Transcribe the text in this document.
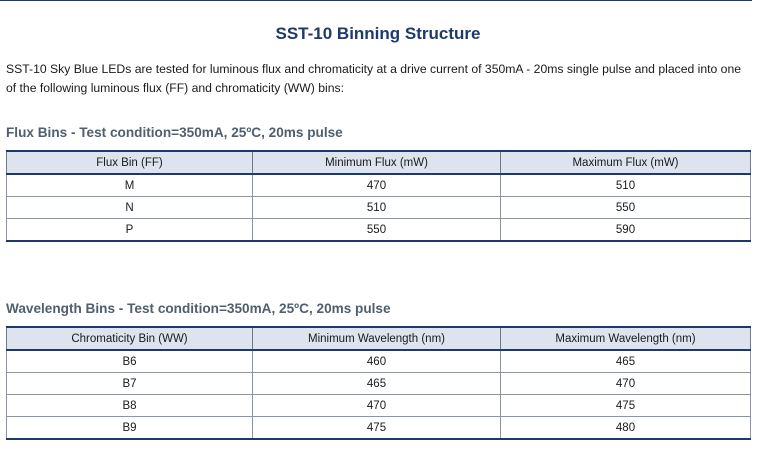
SST-10 Binning Structure
SST-10 Sky Blue LEDs are tested for luminous flux and chromaticity at a drive current of 350mA - 20ms single pulse and placed into one of the following luminous flux (FF) and chromaticity (WW) bins:
Flux Bins - Test condition=350mA, 25ºC, 20ms pulse
Flux Bin (FF)	Minimum Flux (mW)	Maximum Flux (mW)
M	470	510
N	510	550
P	550	590
Wavelength Bins - Test condition=350mA, 25ºC, 20ms pulse
Chromaticity Bin (WW)	Minimum Wavelength (nm)	Maximum Wavelength (nm)
B6	460	465
B7	465	470
B8	470	475
B9	475	480
